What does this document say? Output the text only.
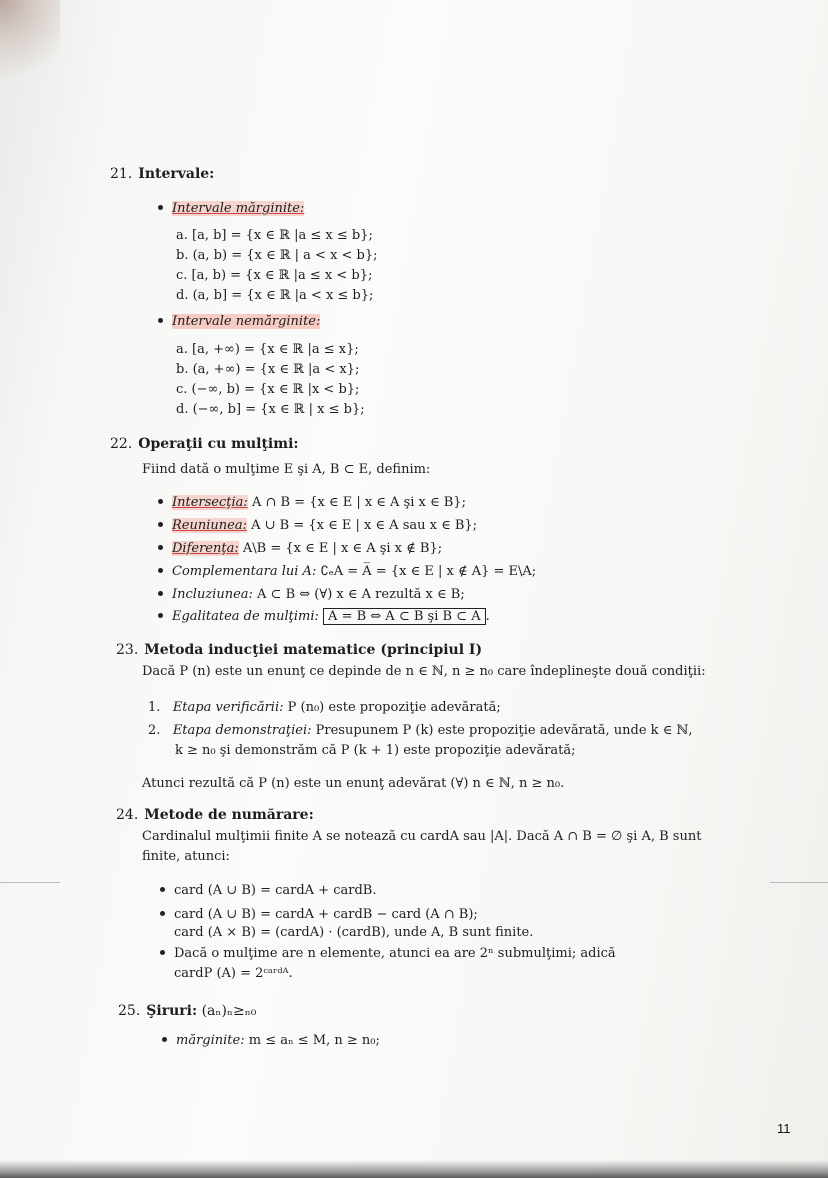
21. Intervale:
Intervale mărginite:
a. [a, b] = {x ∈ ℝ |a ≤ x ≤ b};
b. (a, b) = {x ∈ ℝ | a < x < b};
c. [a, b) = {x ∈ ℝ |a ≤ x < b};
d. (a, b] = {x ∈ ℝ |a < x ≤ b};
Intervale nemărginite:
a. [a, +∞) = {x ∈ ℝ |a ≤ x};
b. (a, +∞) = {x ∈ ℝ |a < x};
c. (−∞, b) = {x ∈ ℝ |x < b};
d. (−∞, b] = {x ∈ ℝ | x ≤ b};
22. Operaţii cu mulţimi:
Fiind dată o mulţime E şi A, B ⊂ E, definim:
Intersecţia: A ∩ B = {x ∈ E | x ∈ A şi x ∈ B};
Reuniunea: A ∪ B = {x ∈ E | x ∈ A sau x ∈ B};
Diferenţa: A\B = {x ∈ E | x ∈ A şi x ∉ B};
Complementara lui A: ∁ₑA = A̅ = {x ∈ E | x ∉ A} = E\A;
Incluziunea: A ⊂ B ⇔ (∀) x ∈ A rezultă x ∈ B;
Egalitatea de mulţimi: A = B ⇔ A ⊂ B şi B ⊂ A .
23. Metoda inducţiei matematice (principiul I)
Dacă P (n) este un enunţ ce depinde de n ∈ ℕ, n ≥ n₀ care îndeplineşte două condiţii:
1. Etapa verificării: P (n₀) este propoziţie adevărată;
2. Etapa demonstraţiei: Presupunem P (k) este propoziţie adevărată, unde k ∈ ℕ,
k ≥ n₀ şi demonstrăm că P (k + 1) este propoziţie adevărată;
Atunci rezultă că P (n) este un enunţ adevărat (∀) n ∈ ℕ, n ≥ n₀.
24. Metode de numărare:
Cardinalul mulţimii finite A se notează cu cardA sau |A|. Dacă A ∩ B = ∅ şi A, B sunt
finite, atunci:
card (A ∪ B) = cardA + cardB.
card (A ∪ B) = cardA + cardB − card (A ∩ B);
card (A × B) = (cardA) · (cardB), unde A, B sunt finite.
Dacă o mulţime are n elemente, atunci ea are 2ⁿ submulţimi; adică
cardP (A) = 2ᶜᵃʳᵈᴬ.
25. Şiruri: (aₙ)ₙ≥ₙ₀
mărginite: m ≤ aₙ ≤ M, n ≥ n₀;
11
